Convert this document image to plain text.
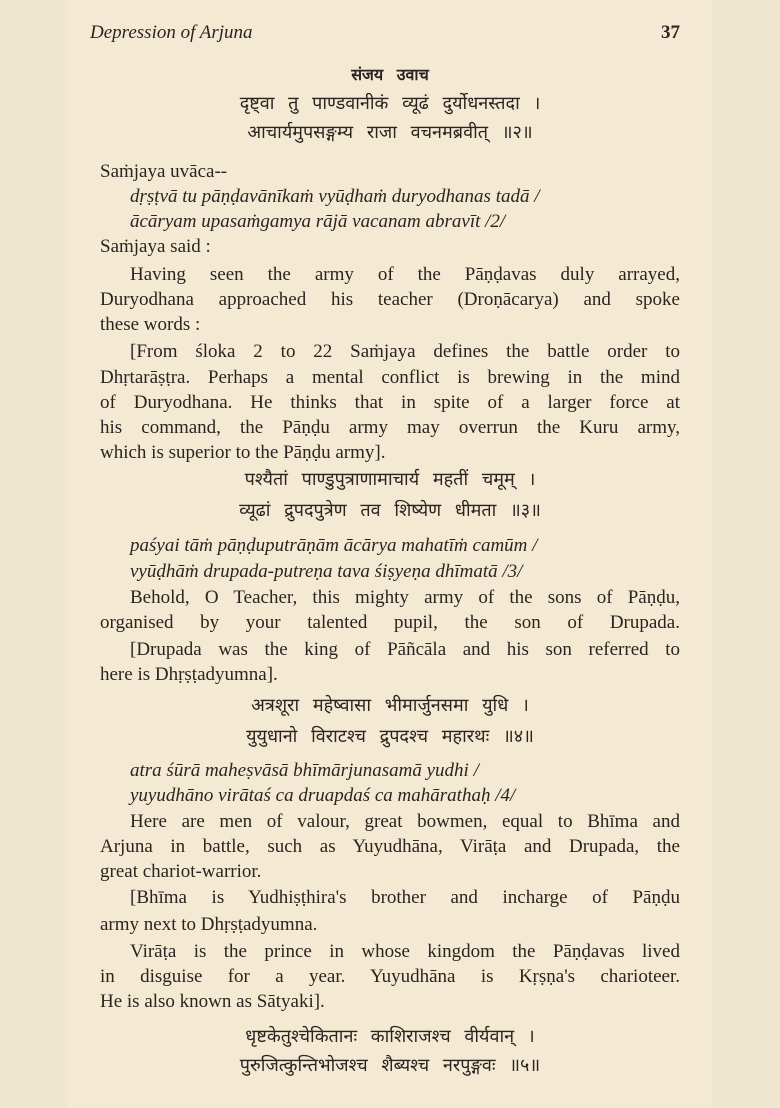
Depression of Arjuna	37
संजय उवाच
दृष्ट्वा तु पाण्डवानीकं व्यूढं दुर्योधनस्तदा ।
आचार्यमुपसङ्गम्य राजा वचनमब्रवीत् ॥२॥
Saṁjaya uvāca--
dṛṣṭvā tu pāṇḍavānīkaṁ vyūḍhaṁ duryodhanas tadā /
ācāryam upasaṁgamya rājā vacanam abravīt /2/
Saṁjaya said :
Having seen the army of the Pāṇḍavas duly arrayed,
Duryodhana approached his teacher (Droṇācarya) and spoke
these words :
[From śloka 2 to 22 Saṁjaya defines the battle order to
Dhṛtarāṣṭra. Perhaps a mental conflict is brewing in the mind
of Duryodhana. He thinks that in spite of a larger force at
his command, the Pāṇḍu army may overrun the Kuru army,
which is superior to the Pāṇḍu army].
पश्यैतां पाण्डुपुत्राणामाचार्य महतीं चमूम् ।
व्यूढां द्रुपदपुत्रेण तव शिष्येण धीमता ॥३॥
paśyai tāṁ pāṇḍuputrāṇām ācārya mahatīṁ camūm /
vyūḍhāṁ drupada-putreṇa tava śiṣyeṇa dhīmatā /3/
Behold, O Teacher, this mighty army of the sons of Pāṇḍu,
organised by your talented pupil, the son of Drupada.
[Drupada was the king of Pāñcāla and his son referred to
here is Dhṛṣṭadyumna].
अत्रशूरा महेष्वासा भीमार्जुनसमा युधि ।
युयुधानो विराटश्च द्रुपदश्च महारथः ॥४॥
atra śūrā maheṣvāsā bhīmārjunasamā yudhi /
yuyudhāno virātaś ca druapdaś ca mahārathaḥ /4/
Here are men of valour, great bowmen, equal to Bhīma and
Arjuna in battle, such as Yuyudhāna, Virāṭa and Drupada, the
great chariot-warrior.
[Bhīma is Yudhiṣṭhira's brother and incharge of Pāṇḍu
army next to Dhṛṣṭadyumna.
Virāṭa is the prince in whose kingdom the Pāṇḍavas lived
in disguise for a year. Yuyudhāna is Kṛṣṇa's charioteer.
He is also known as Sātyaki].
धृष्टकेतुश्चेकितानः काशिराजश्च वीर्यवान् ।
पुरुजित्कुन्तिभोजश्च शैब्यश्च नरपुङ्गवः ॥५॥
